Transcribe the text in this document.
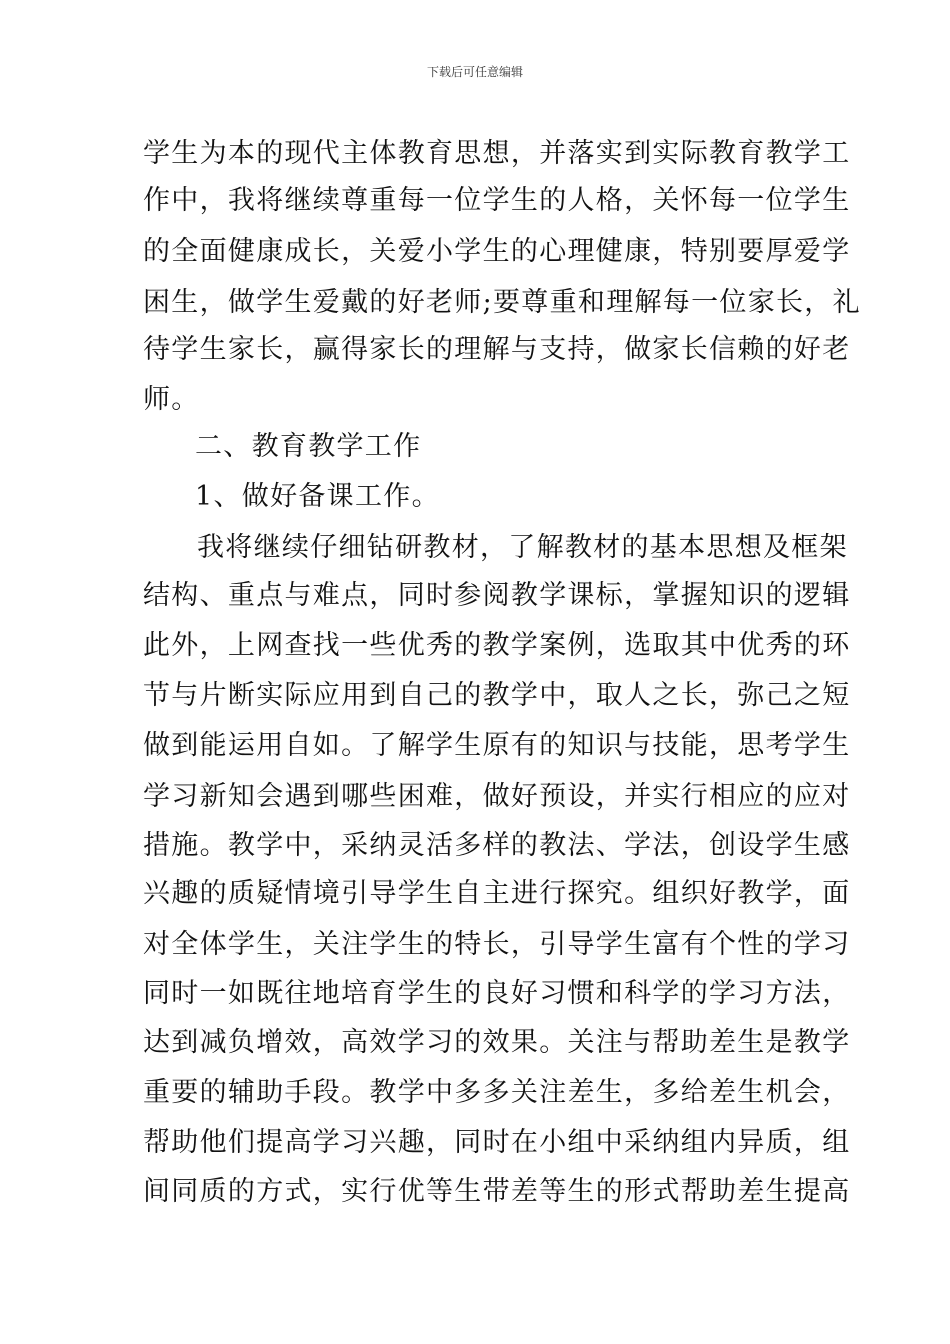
下载后可任意编辑
学生为本的现代主体教育思想，并落实到实际教育教学工
作中，我将继续尊重每一位学生的人格，关怀每一位学生
的全面健康成长，关爱小学生的心理健康，特别要厚爱学
困生，做学生爱戴的好老师;要尊重和理解每一位家长，礼
待学生家长，赢得家长的理解与支持，做家长信赖的好老
师。
二、教育教学工作
1、做好备课工作。
我将继续仔细钻研教材，了解教材的基本思想及框架
结构、重点与难点，同时参阅教学课标，掌握知识的逻辑
此外，上网查找一些优秀的教学案例，选取其中优秀的环
节与片断实际应用到自己的教学中，取人之长，弥己之短
做到能运用自如。了解学生原有的知识与技能，思考学生
学习新知会遇到哪些困难，做好预设，并实行相应的应对
措施。教学中，采纳灵活多样的教法、学法，创设学生感
兴趣的质疑情境引导学生自主进行探究。组织好教学，面
对全体学生，关注学生的特长，引导学生富有个性的学习
同时一如既往地培育学生的良好习惯和科学的学习方法，
达到减负增效，高效学习的效果。关注与帮助差生是教学
重要的辅助手段。教学中多多关注差生，多给差生机会，
帮助他们提高学习兴趣，同时在小组中采纳组内异质，组
间同质的方式，实行优等生带差等生的形式帮助差生提高
